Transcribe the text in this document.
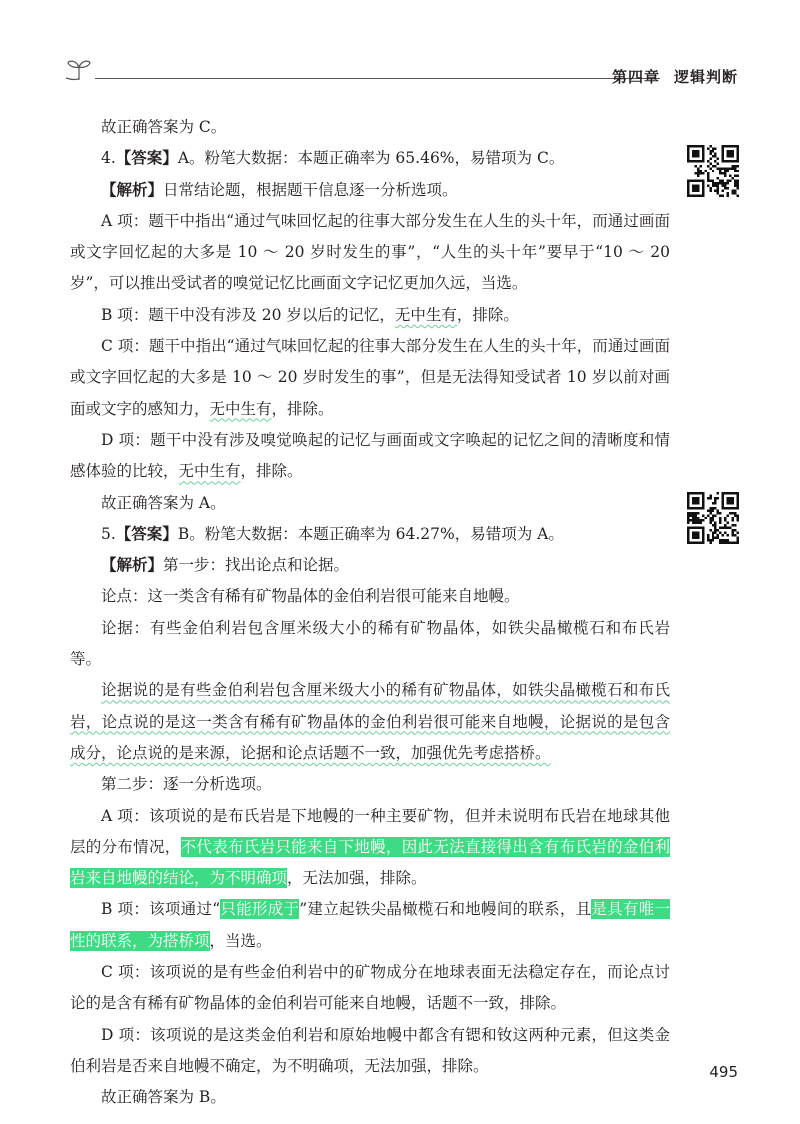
第四章 逻辑判断

故正确答案为 C。

4.【答案】A。粉笔大数据：本题正确率为 65.46%，易错项为 C。

【解析】日常结论题，根据题干信息逐一分析选项。

A 项：题干中指出“通过气味回忆起的往事大部分发生在人生的头十年，而通过画面或文字回忆起的大多是 10 ～ 20 岁时发生的事”，“人生的头十年”要早于“10 ～ 20 岁”，可以推出受试者的嗅觉记忆比画面文字记忆更加久远，当选。

B 项：题干中没有涉及 20 岁以后的记忆，无中生有，排除。

C 项：题干中指出“通过气味回忆起的往事大部分发生在人生的头十年，而通过画面或文字回忆起的大多是 10 ～ 20 岁时发生的事”，但是无法得知受试者 10 岁以前对画面或文字的感知力，无中生有，排除。

D 项：题干中没有涉及嗅觉唤起的记忆与画面或文字唤起的记忆之间的清晰度和情感体验的比较，无中生有，排除。

故正确答案为 A。

5.【答案】B。粉笔大数据：本题正确率为 64.27%，易错项为 A。

【解析】第一步：找出论点和论据。

论点：这一类含有稀有矿物晶体的金伯利岩很可能来自地幔。

论据：有些金伯利岩包含厘米级大小的稀有矿物晶体，如铁尖晶橄榄石和布氏岩等。

论据说的是有些金伯利岩包含厘米级大小的稀有矿物晶体，如铁尖晶橄榄石和布氏岩，论点说的是这一类含有稀有矿物晶体的金伯利岩很可能来自地幔，论据说的是包含成分，论点说的是来源，论据和论点话题不一致，加强优先考虑搭桥。

第二步：逐一分析选项。

A 项：该项说的是布氏岩是下地幔的一种主要矿物，但并未说明布氏岩在地球其他层的分布情况，不代表布氏岩只能来自下地幔，因此无法直接得出含有布氏岩的金伯利岩来自地幔的结论，为不明确项，无法加强，排除。

B 项：该项通过“只能形成于”建立起铁尖晶橄榄石和地幔间的联系，且是具有唯一性的联系，为搭桥项，当选。

C 项：该项说的是有些金伯利岩中的矿物成分在地球表面无法稳定存在，而论点讨论的是含有稀有矿物晶体的金伯利岩可能来自地幔，话题不一致，排除。

D 项：该项说的是这类金伯利岩和原始地幔中都含有锶和钕这两种元素，但这类金伯利岩是否来自地幔不确定，为不明确项，无法加强，排除。

故正确答案为 B。

495
